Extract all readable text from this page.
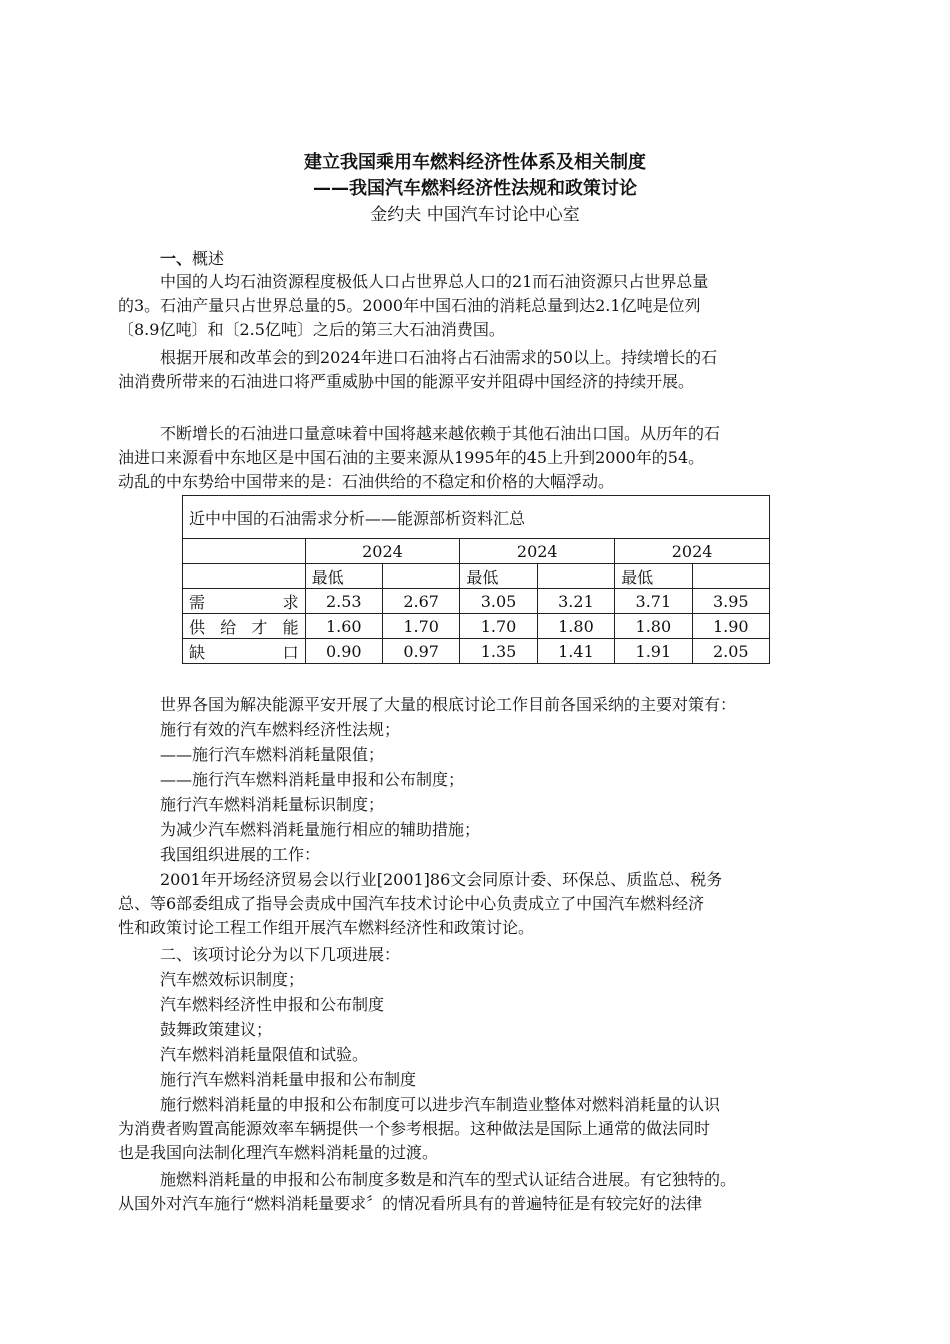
建立我国乘用车燃料经济性体系及相关制度
——我国汽车燃料经济性法规和政策讨论
金约夫 中国汽车讨论中心室
一、概述
中国的人均石油资源程度极低人口占世界总人口的21而石油资源只占世界总量
的3。石油产量只占世界总量的5。2000年中国石油的消耗总量到达2.1亿吨是位列
〔8.9亿吨〕和〔2.5亿吨〕之后的第三大石油消费国。
根据开展和改革会的到2024年进口石油将占石油需求的50以上。持续增长的石
油消费所带来的石油进口将严重威胁中国的能源平安并阻碍中国经济的持续开展。
不断增长的石油进口量意味着中国将越来越依赖于其他石油出口国。从历年的石
油进口来源看中东地区是中国石油的主要来源从1995年的45上升到2000年的54。
动乱的中东势给中国带来的是：石油供给的不稳定和价格的大幅浮动。
近中中国的石油需求分析——能源部析资料汇总						
	2024		2024		2024	
	最低		最低		最低	
需　　求	2.53	2.67	3.05	3.21	3.71	3.95
供给才能	1.60	1.70	1.70	1.80	1.80	1.90
缺　　口	0.90	0.97	1.35	1.41	1.91	2.05
世界各国为解决能源平安开展了大量的根底讨论工作目前各国采纳的主要对策有：
施行有效的汽车燃料经济性法规；
——施行汽车燃料消耗量限值；
——施行汽车燃料消耗量申报和公布制度；
施行汽车燃料消耗量标识制度；
为减少汽车燃料消耗量施行相应的辅助措施；
我国组织进展的工作：
2001年开场经济贸易会以行业[2001]86文会同原计委、环保总、质监总、税务
总、等6部委组成了指导会责成中国汽车技术讨论中心负责成立了中国汽车燃料经济
性和政策讨论工程工作组开展汽车燃料经济性和政策讨论。
二、该项讨论分为以下几项进展：
汽车燃效标识制度；
汽车燃料经济性申报和公布制度
鼓舞政策建议；
汽车燃料消耗量限值和试验。
施行汽车燃料消耗量申报和公布制度
施行燃料消耗量的申报和公布制度可以进步汽车制造业整体对燃料消耗量的认识
为消费者购置高能源效率车辆提供一个参考根据。这种做法是国际上通常的做法同时
也是我国向法制化理汽车燃料消耗量的过渡。
施燃料消耗量的申报和公布制度多数是和汽车的型式认证结合进展。有它独特的。
从国外对汽车施行“燃料消耗量要求〞的情况看所具有的普遍特征是有较完好的法律
